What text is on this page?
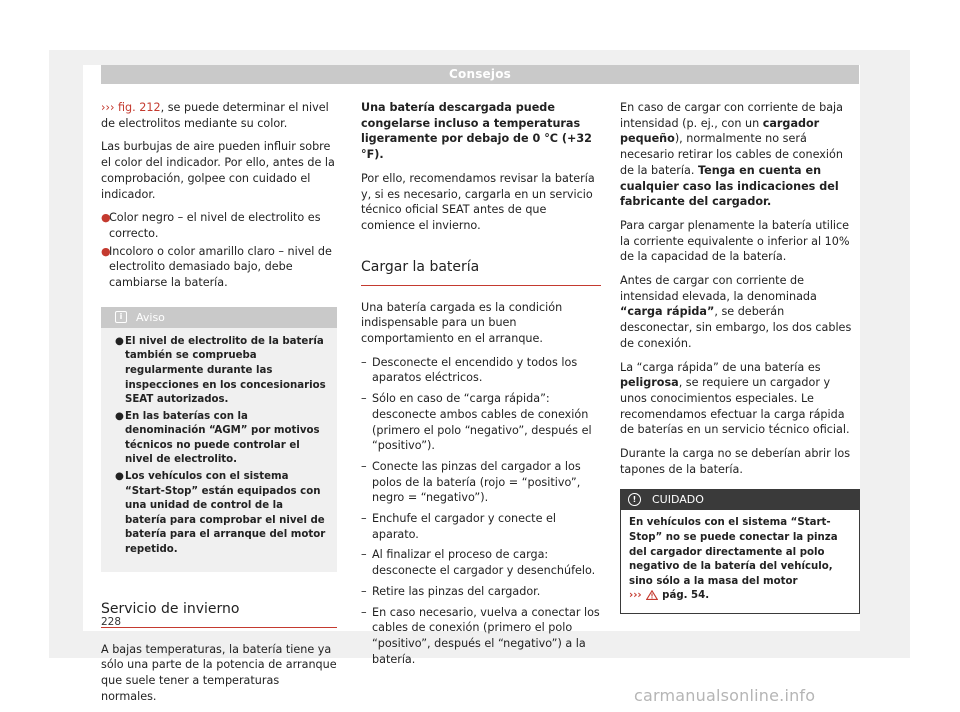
Consejos

››› fig. 212, se puede determinar el nivel de electrolitos mediante su color.

Las burbujas de aire pueden influir sobre el color del indicador. Por ello, antes de la comprobación, golpee con cuidado el indicador.

●
Color negro – el nivel de electrolito es correcto.
●
Incoloro o color amarillo claro – nivel de electrolito demasiado bajo, debe cambiarse la batería.
i Aviso
● El nivel de electrolito de la batería también se comprueba regularmente durante las inspecciones en los concesionarios SEAT autorizados.
● En las baterías con la denominación “AGM” por motivos técnicos no puede controlar el nivel de electrolito.
● Los vehículos con el sistema “Start-Stop” están equipados con una unidad de control de la batería para comprobar el nivel de batería para el arranque del motor repetido.
Servicio de invierno

A bajas temperaturas, la batería tiene ya sólo una parte de la potencia de arranque que suele tener a temperaturas normales.

Una batería descargada puede congelarse incluso a temperaturas ligeramente por debajo de 0 °C (+32 °F).

Por ello, recomendamos revisar la batería y, si es necesario, cargarla en un servicio técnico oficial SEAT antes de que comience el invierno.

Cargar la batería

Una batería cargada es la condición indispensable para un buen comportamiento en el arranque.

– Desconecte el encendido y todos los aparatos eléctricos.
– Sólo en caso de “carga rápida”: desconecte ambos cables de conexión (primero el polo “negativo”, después el “positivo”).
– Conecte las pinzas del cargador a los polos de la batería (rojo = “positivo”, negro = “negativo”).
– Enchufe el cargador y conecte el aparato.
– Al finalizar el proceso de carga: desconecte el cargador y desenchúfelo.
– Retire las pinzas del cargador.
– En caso necesario, vuelva a conectar los cables de conexión (primero el polo “positivo”, después el “negativo”) a la batería.

En caso de cargar con corriente de baja intensidad (p. ej., con un cargador pequeño), normalmente no será necesario retirar los cables de conexión de la batería. Tenga en cuenta en cualquier caso las indicaciones del fabricante del cargador.

Para cargar plenamente la batería utilice la corriente equivalente o inferior al 10% de la capacidad de la batería.

Antes de cargar con corriente de intensidad elevada, la denominada “carga rápida”, se deberán desconectar, sin embargo, los dos cables de conexión.

La “carga rápida” de una batería es peligrosa, se requiere un cargador y unos conocimientos especiales. Le recomendamos efectuar la carga rápida de baterías en un servicio técnico oficial.

Durante la carga no se deberían abrir los tapones de la batería.

! CUIDADO
En vehículos con el sistema “Start-Stop” no se puede conectar la pinza del cargador directamente al polo negativo de la batería del vehículo, sino sólo a la masa del motor
››› pág. 54.
228
carmanualsonline.info
